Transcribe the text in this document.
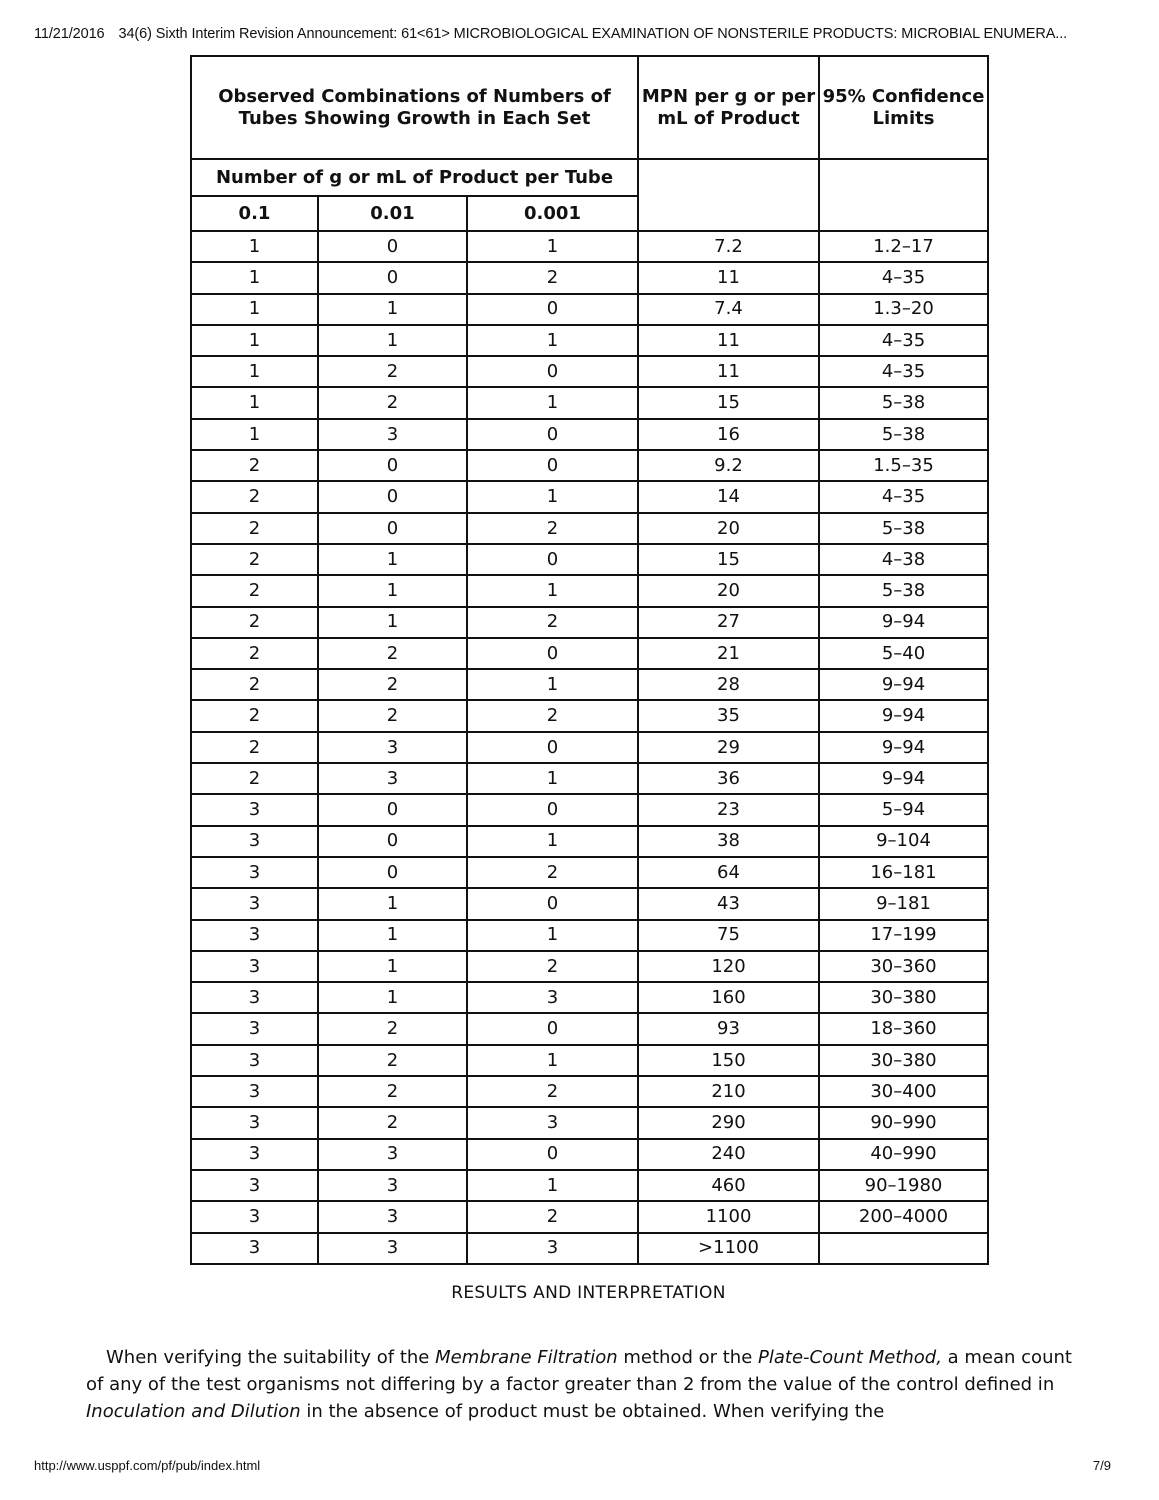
11/21/2016 34(6) Sixth Interim Revision Announcement: 61<61> MICROBIOLOGICAL EXAMINATION OF NONSTERILE PRODUCTS: MICROBIAL ENUMERA...
Observed Combinations of Numbers of Tubes Showing Growth in Each Set			MPN per g or per mL of Product	95% Confidence Limits
Number of g or mL of Product per Tube				
0.1	0.01	0.001		
1	0	1	7.2	1.2–17
1	0	2	11	4–35
1	1	0	7.4	1.3–20
1	1	1	11	4–35
1	2	0	11	4–35
1	2	1	15	5–38
1	3	0	16	5–38
2	0	0	9.2	1.5–35
2	0	1	14	4–35
2	0	2	20	5–38
2	1	0	15	4–38
2	1	1	20	5–38
2	1	2	27	9–94
2	2	0	21	5–40
2	2	1	28	9–94
2	2	2	35	9–94
2	3	0	29	9–94
2	3	1	36	9–94
3	0	0	23	5–94
3	0	1	38	9–104
3	0	2	64	16–181
3	1	0	43	9–181
3	1	1	75	17–199
3	1	2	120	30–360
3	1	3	160	30–380
3	2	0	93	18–360
3	2	1	150	30–380
3	2	2	210	30–400
3	2	3	290	90–990
3	3	0	240	40–990
3	3	1	460	90–1980
3	3	2	1100	200–4000
3	3	3	>1100	
RESULTS AND INTERPRETATION

When verifying the suitability of the Membrane Filtration method or the Plate-Count Method, a mean count of any of the test organisms not differing by a factor greater than 2 from the value of the control defined in Inoculation and Dilution in the absence of product must be obtained. When verifying the

http://www.usppf.com/pf/pub/index.html	7/9
